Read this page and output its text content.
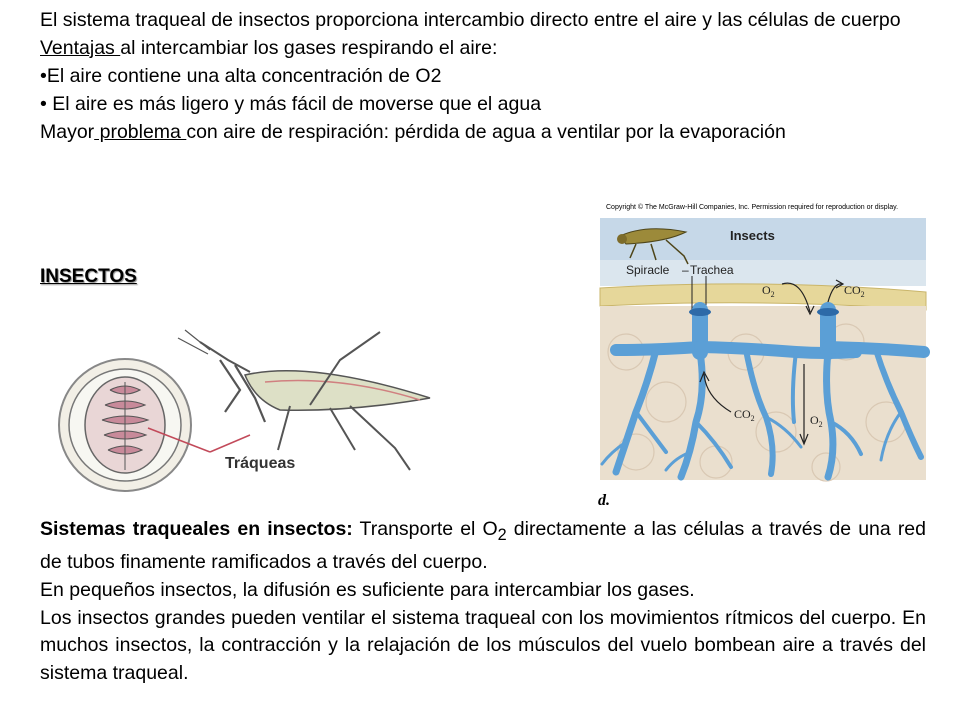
El sistema traqueal de insectos proporciona intercambio directo entre el aire y las células de cuerpo

Ventajas al intercambiar los gases respirando el aire:

•El aire contiene una alta concentración de O2

• El aire es más ligero y más fácil de moverse que el agua

Mayor problema con aire de respiración: pérdida de agua a ventilar por la evaporación

INSECTOS
Tráqueas
Copyright © The McGraw-Hill Companies, Inc. Permission required for reproduction or display.
Insects
Spiracle – Trachea
$O_2$	$CO_2$
$CO_2$	$O_2$
d.

Sistemas traqueales en insectos: Transporte el $O_2$ directamente a las células a través de una red de tubos finamente ramificados a través del cuerpo.

En pequeños insectos, la difusión es suficiente para intercambiar los gases.

Los insectos grandes pueden ventilar el sistema traqueal con los movimientos rítmicos del cuerpo. En muchos insectos, la contracción y la relajación de los músculos del vuelo bombean aire a través del sistema traqueal.
